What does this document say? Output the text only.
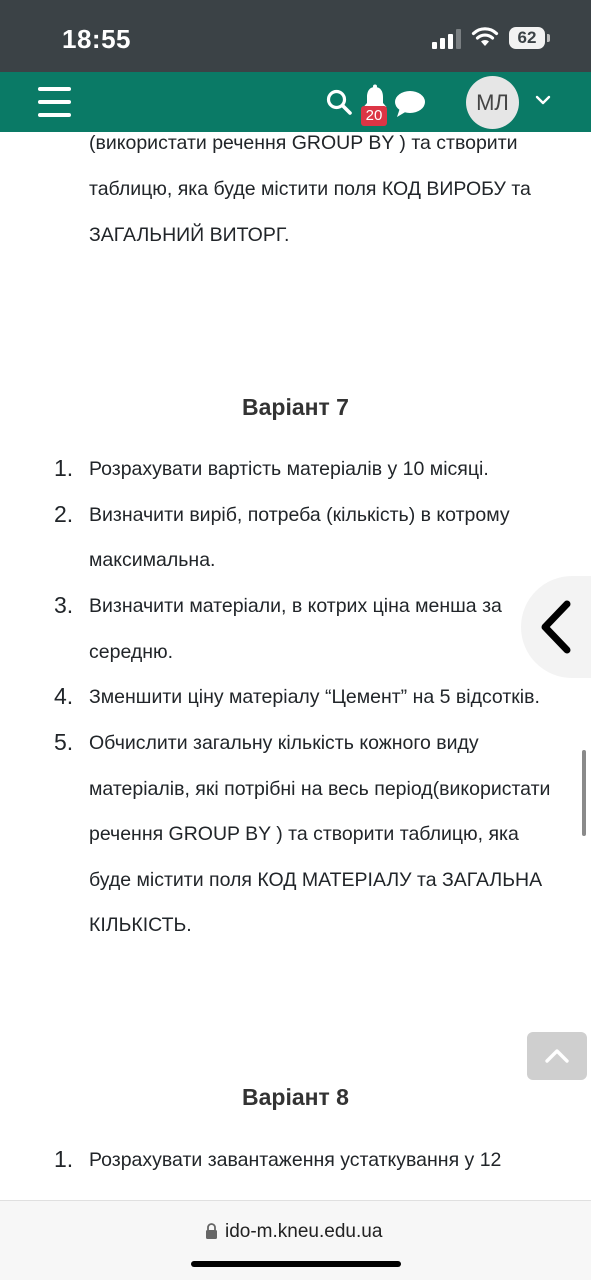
18:55	62
20
МЛ
(використати речення GROUP BY ) та створити
таблицю, яка буде містити поля КОД ВИРОБУ та
ЗАГАЛЬНИЙ ВИТОРГ.
Варіант 7
1. Розрахувати вартість матеріалів у 10 місяці.
2. Визначити виріб, потреба (кількість) в котрому
максимальна.
3. Визначити матеріали, в котрих ціна менша за
середню.
4. Зменшити ціну матеріалу “Цемент” на 5 відсотків.
5. Обчислити загальну кількість кожного виду
матеріалів, які потрібні на весь період(використати
речення GROUP BY ) та створити таблицю, яка
буде містити поля КОД МАТЕРІАЛУ та ЗАГАЛЬНА
КІЛЬКІСТЬ.
Варіант 8
1. Розрахувати завантаження устаткування у 12
ido-m.kneu.edu.ua
